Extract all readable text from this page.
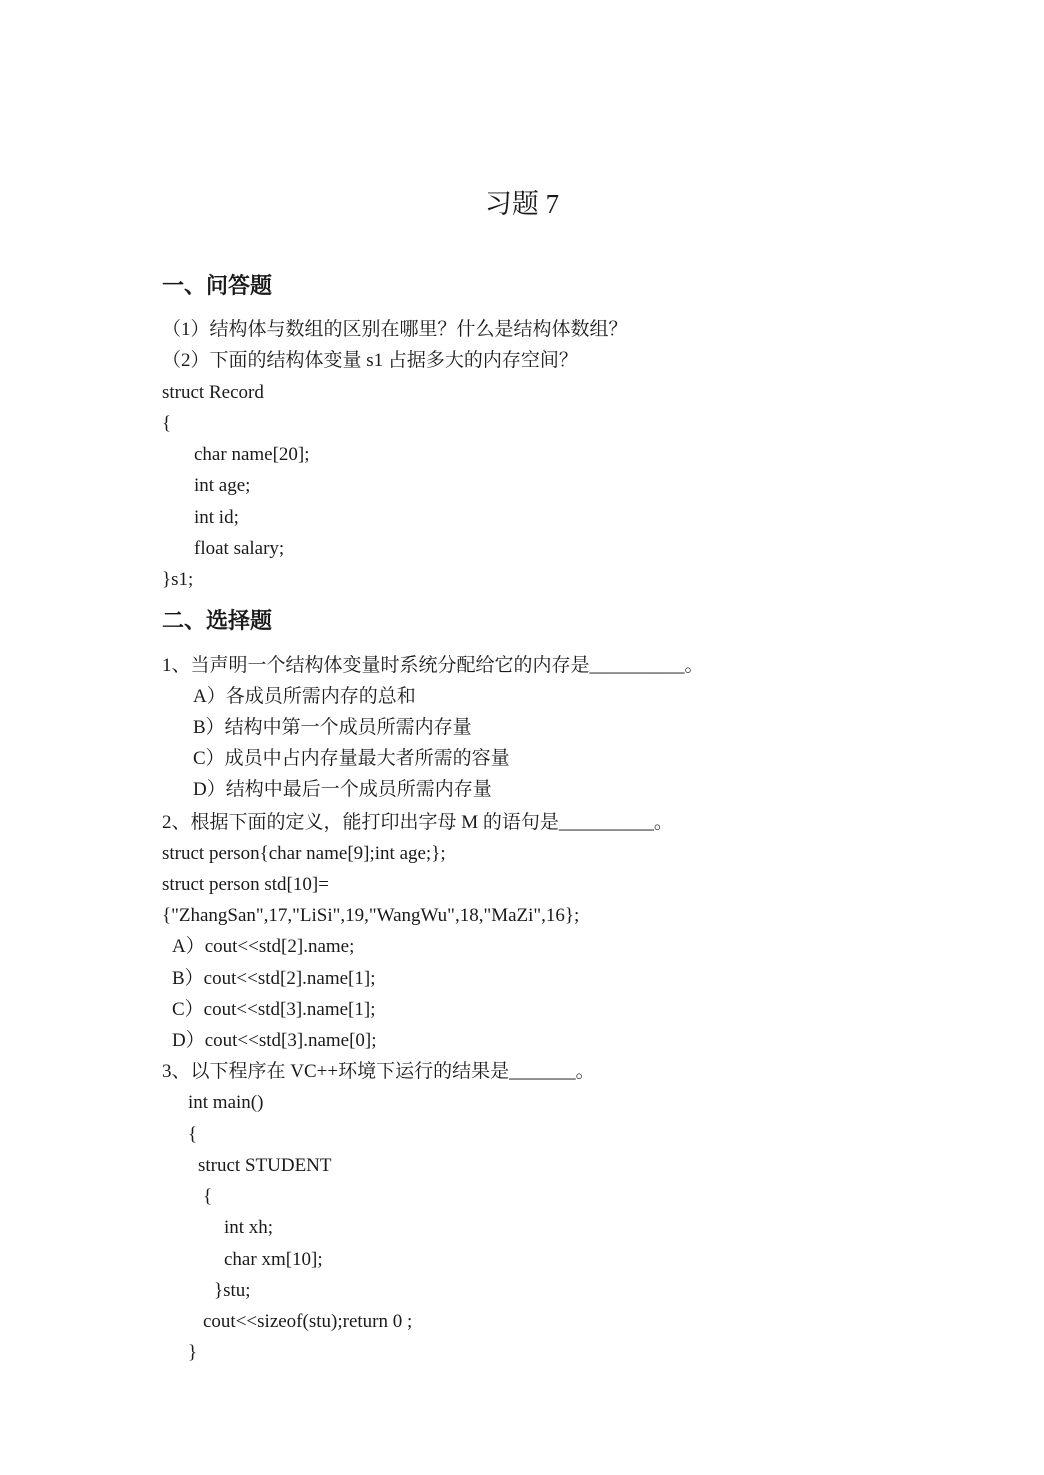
习题 7
一、问答题
（1）结构体与数组的区别在哪里？什么是结构体数组？
（2）下面的结构体变量 s1 占据多大的内存空间？
struct Record
{
char name[20];
int age;
int id;
float salary;
}s1;
二、选择题
1、当声明一个结构体变量时系统分配给它的内存是__________。
A）各成员所需内存的总和
B）结构中第一个成员所需内存量
C）成员中占内存量最大者所需的容量
D）结构中最后一个成员所需内存量
2、根据下面的定义，能打印出字母 M 的语句是__________。
struct person{char name[9];int age;};
struct person std[10]=
{"ZhangSan",17,"LiSi",19,"WangWu",18,"MaZi",16};
A）cout<<std[2].name;
B）cout<<std[2].name[1];
C）cout<<std[3].name[1];
D）cout<<std[3].name[0];
3、以下程序在 VC++环境下运行的结果是_______。
int main()
{
struct STUDENT
{
int xh;
char xm[10];
}stu;
cout<<sizeof(stu);return 0 ;
}
